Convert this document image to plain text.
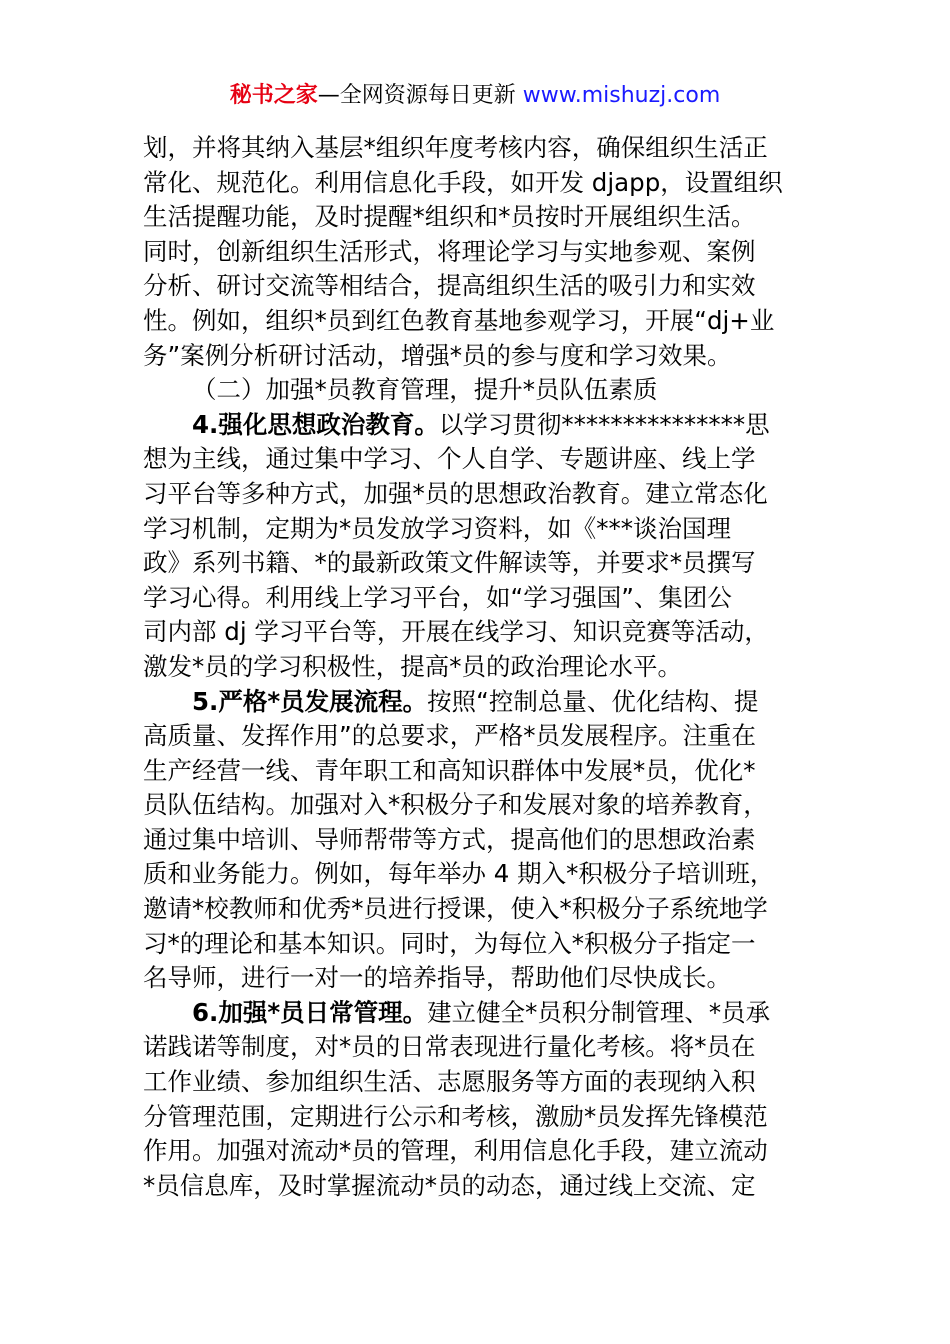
秘书之家—全网资源每日更新 www.mishuzj.com
划，并将其纳入基层*组织年度考核内容，确保组织生活正
常化、规范化。利用信息化手段，如开发 djapp，设置组织
生活提醒功能，及时提醒*组织和*员按时开展组织生活。
同时，创新组织生活形式，将理论学习与实地参观、案例
分析、研讨交流等相结合，提高组织生活的吸引力和实效
性。例如，组织*员到红色教育基地参观学习，开展“dj+业
务”案例分析研讨活动，增强*员的参与度和学习效果。
（二）加强*员教育管理，提升*员队伍素质
4.强化思想政治教育。以学习贯彻***************思
想为主线，通过集中学习、个人自学、专题讲座、线上学
习平台等多种方式，加强*员的思想政治教育。建立常态化
学习机制，定期为*员发放学习资料，如《***谈治国理
政》系列书籍、*的最新政策文件解读等，并要求*员撰写
学习心得。利用线上学习平台，如“学习强国”、集团公
司内部 dj 学习平台等，开展在线学习、知识竞赛等活动，
激发*员的学习积极性，提高*员的政治理论水平。
5.严格*员发展流程。按照“控制总量、优化结构、提
高质量、发挥作用”的总要求，严格*员发展程序。注重在
生产经营一线、青年职工和高知识群体中发展*员，优化*
员队伍结构。加强对入*积极分子和发展对象的培养教育，
通过集中培训、导师帮带等方式，提高他们的思想政治素
质和业务能力。例如，每年举办 4 期入*积极分子培训班，
邀请*校教师和优秀*员进行授课，使入*积极分子系统地学
习*的理论和基本知识。同时，为每位入*积极分子指定一
名导师，进行一对一的培养指导，帮助他们尽快成长。
6.加强*员日常管理。建立健全*员积分制管理、*员承
诺践诺等制度，对*员的日常表现进行量化考核。将*员在
工作业绩、参加组织生活、志愿服务等方面的表现纳入积
分管理范围，定期进行公示和考核，激励*员发挥先锋模范
作用。加强对流动*员的管理，利用信息化手段，建立流动
*员信息库，及时掌握流动*员的动态，通过线上交流、定
